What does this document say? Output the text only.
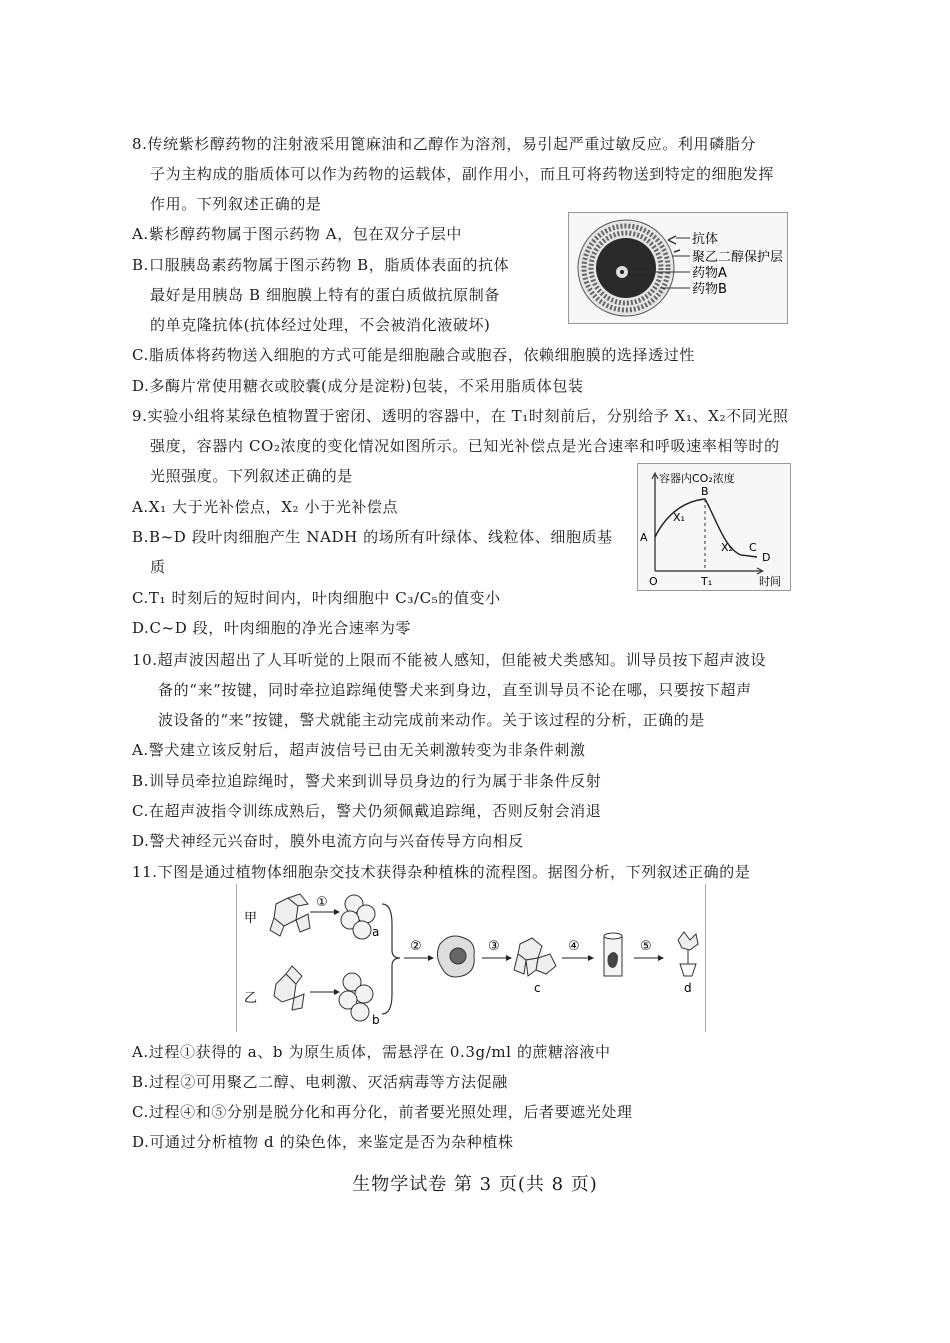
8.传统紫杉醇药物的注射液采用篦麻油和乙醇作为溶剂，易引起严重过敏反应。利用磷脂分
子为主构成的脂质体可以作为药物的运载体，副作用小，而且可将药物送到特定的细胞发挥
作用。下列叙述正确的是
A.紫杉醇药物属于图示药物 A，包在双分子层中
B.口服胰岛素药物属于图示药物 B，脂质体表面的抗体
最好是用胰岛 B 细胞膜上特有的蛋白质做抗原制备
的单克隆抗体(抗体经过处理，不会被消化液破坏)
C.脂质体将药物送入细胞的方式可能是细胞融合或胞吞，依赖细胞膜的选择透过性
D.多酶片常使用糖衣或胶囊(成分是淀粉)包装，不采用脂质体包装
抗体
聚乙二醇保护层
药物A
药物B
9.实验小组将某绿色植物置于密闭、透明的容器中，在 T₁时刻前后，分别给予 X₁、X₂不同光照
强度，容器内 CO₂浓度的变化情况如图所示。已知光补偿点是光合速率和呼吸速率相等时的
光照强度。下列叙述正确的是
A.X₁ 大于光补偿点，X₂ 小于光补偿点
B.B~D 段叶肉细胞产生 NADH 的场所有叶绿体、线粒体、细胞质基
质
C.T₁ 时刻后的短时间内，叶肉细胞中 C₃/C₅的值变小
D.C~D 段，叶肉细胞的净光合速率为零
容器内CO₂浓度
A
B
C
D
X₁
X₂
O	T₁	时间
10.超声波因超出了人耳听觉的上限而不能被人感知，但能被犬类感知。训导员按下超声波设
备的“来”按键，同时牵拉追踪绳使警犬来到身边，直至训导员不论在哪，只要按下超声
波设备的“来”按键，警犬就能主动完成前来动作。关于该过程的分析，正确的是
A.警犬建立该反射后，超声波信号已由无关刺激转变为非条件刺激
B.训导员牵拉追踪绳时，警犬来到训导员身边的行为属于非条件反射
C.在超声波指令训练成熟后，警犬仍须佩戴追踪绳，否则反射会消退
D.警犬神经元兴奋时，膜外电流方向与兴奋传导方向相反
11.下图是通过植物体细胞杂交技术获得杂种植株的流程图。据图分析，下列叙述正确的是
甲
①
a
乙
b
②	③
c
④	⑤
d
A.过程①获得的 a、b 为原生质体，需悬浮在 0.3g/ml 的蔗糖溶液中
B.过程②可用聚乙二醇、电刺激、灭活病毒等方法促融
C.过程④和⑤分别是脱分化和再分化，前者要光照处理，后者要遮光处理
D.可通过分析植物 d 的染色体，来鉴定是否为杂种植株
生物学试卷 第 3 页(共 8 页)
